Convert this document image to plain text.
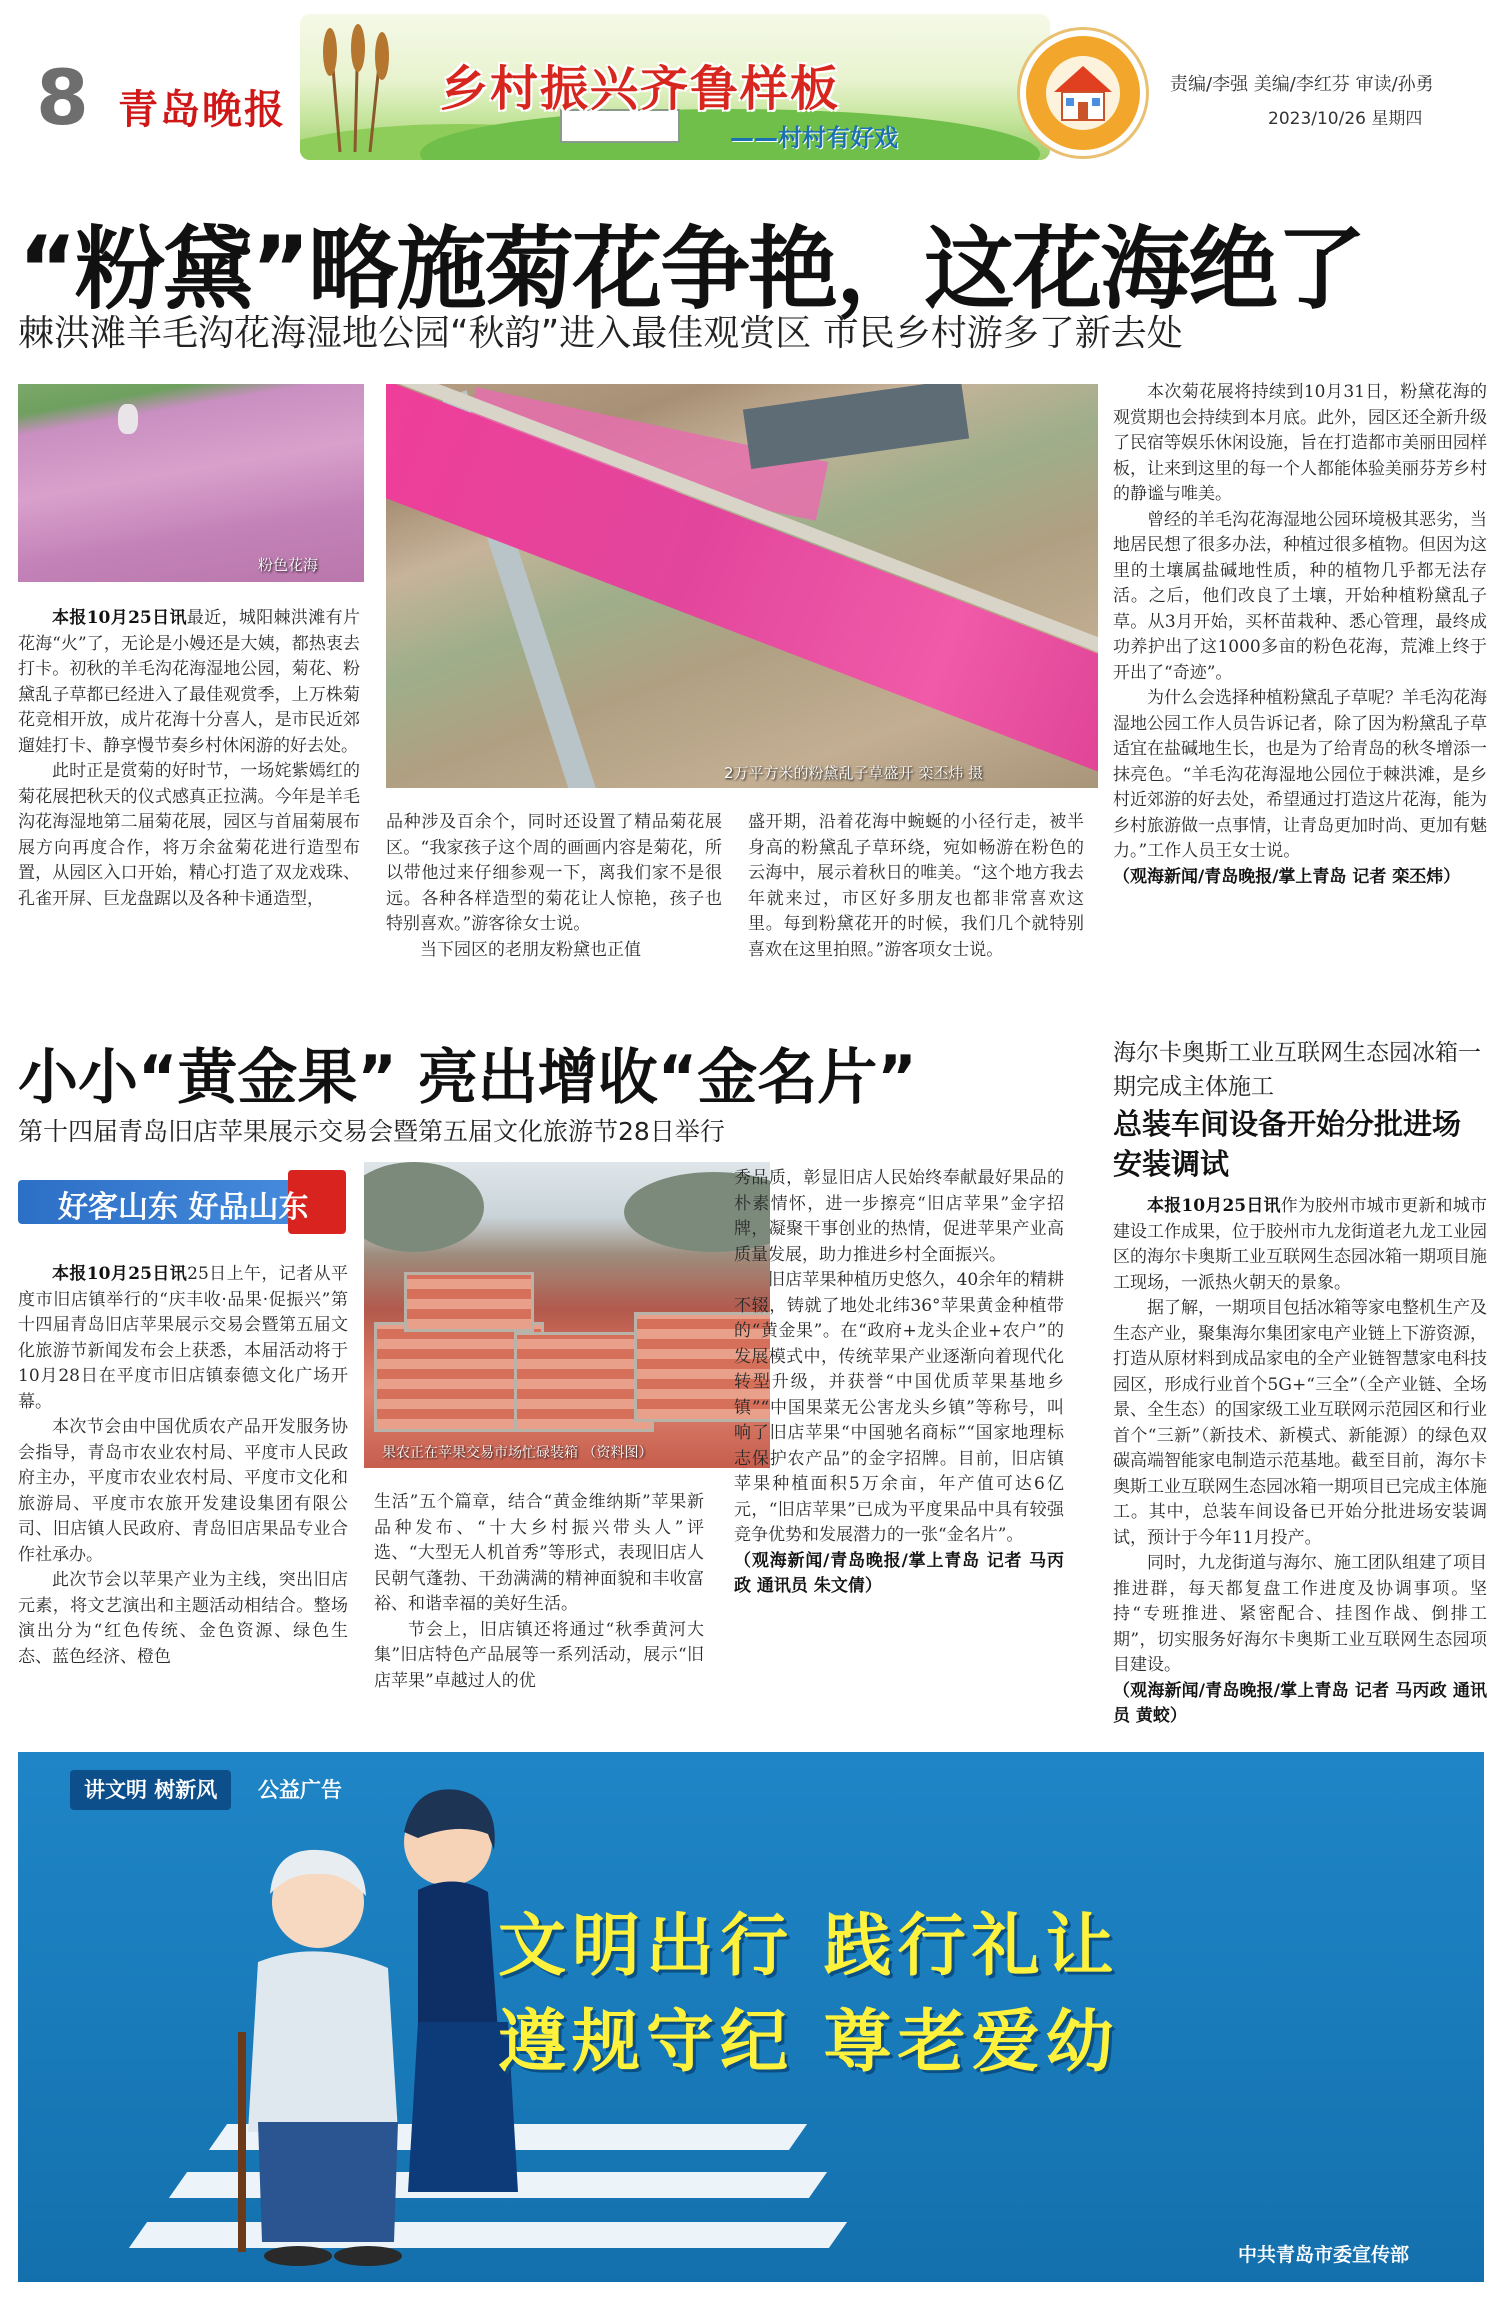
8 青岛晚报	乡村振兴齐鲁样板
——村村有好戏
责编/李强 美编/李红芬 审读/孙勇
2023/10/26 星期四
“粉黛”略施菊花争艳，这花海绝了
棘洪滩羊毛沟花海湿地公园“秋韵”进入最佳观赏区 市民乡村游多了新去处
粉色花海
2万平方米的粉黛乱子草盛开 栾丕炜 摄

本报10月25日讯最近，城阳棘洪滩有片花海“火”了，无论是小嫚还是大姨，都热衷去打卡。初秋的羊毛沟花海湿地公园，菊花、粉黛乱子草都已经进入了最佳观赏季，上万株菊花竞相开放，成片花海十分喜人，是市民近郊遛娃打卡、静享慢节奏乡村休闲游的好去处。

此时正是赏菊的好时节，一场姹紫嫣红的菊花展把秋天的仪式感真正拉满。今年是羊毛沟花海湿地第二届菊花展，园区与首届菊展布展方向再度合作，将万余盆菊花进行造型布置，从园区入口开始，精心打造了双龙戏珠、孔雀开屏、巨龙盘踞以及各种卡通造型，

品种涉及百余个，同时还设置了精品菊花展区。“我家孩子这个周的画画内容是菊花，所以带他过来仔细参观一下，离我们家不是很远。各种各样造型的菊花让人惊艳，孩子也特别喜欢。”游客徐女士说。

当下园区的老朋友粉黛也正值

盛开期，沿着花海中蜿蜒的小径行走，被半身高的粉黛乱子草环绕，宛如畅游在粉色的云海中，展示着秋日的唯美。“这个地方我去年就来过，市区好多朋友也都非常喜欢这里。每到粉黛花开的时候，我们几个就特别喜欢在这里拍照。”游客项女士说。

本次菊花展将持续到10月31日，粉黛花海的观赏期也会持续到本月底。此外，园区还全新升级了民宿等娱乐休闲设施，旨在打造都市美丽田园样板，让来到这里的每一个人都能体验美丽芬芳乡村的静谧与唯美。

曾经的羊毛沟花海湿地公园环境极其恶劣，当地居民想了很多办法，种植过很多植物。但因为这里的土壤属盐碱地性质，种的植物几乎都无法存活。之后，他们改良了土壤，开始种植粉黛乱子草。从3月开始，买杯苗栽种、悉心管理，最终成功养护出了这1000多亩的粉色花海，荒滩上终于开出了“奇迹”。

为什么会选择种植粉黛乱子草呢？羊毛沟花海湿地公园工作人员告诉记者，除了因为粉黛乱子草适宜在盐碱地生长，也是为了给青岛的秋冬增添一抹亮色。“羊毛沟花海湿地公园位于棘洪滩，是乡村近郊游的好去处，希望通过打造这片花海，能为乡村旅游做一点事情，让青岛更加时尚、更加有魅力。”工作人员王女士说。

（观海新闻/青岛晚报/掌上青岛 记者 栾丕炜）

小小“黄金果” 亮出增收“金名片”
第十四届青岛旧店苹果展示交易会暨第五届文化旅游节28日举行
好客山东 好品山东
果农正在苹果交易市场忙碌装箱 （资料图）

本报10月25日讯25日上午，记者从平度市旧店镇举行的“庆丰收·品果·促振兴”第十四届青岛旧店苹果展示交易会暨第五届文化旅游节新闻发布会上获悉，本届活动将于10月28日在平度市旧店镇泰德文化广场开幕。

本次节会由中国优质农产品开发服务协会指导，青岛市农业农村局、平度市人民政府主办，平度市农业农村局、平度市文化和旅游局、平度市农旅开发建设集团有限公司、旧店镇人民政府、青岛旧店果品专业合作社承办。

此次节会以苹果产业为主线，突出旧店元素，将文艺演出和主题活动相结合。整场演出分为“红色传统、金色资源、绿色生态、蓝色经济、橙色

生活”五个篇章，结合“黄金维纳斯”苹果新品种发布、“十大乡村振兴带头人”评选、“大型无人机首秀”等形式，表现旧店人民朝气蓬勃、干劲满满的精神面貌和丰收富裕、和谐幸福的美好生活。

节会上，旧店镇还将通过“秋季黄河大集”旧店特色产品展等一系列活动，展示“旧店苹果”卓越过人的优

秀品质，彰显旧店人民始终奉献最好果品的朴素情怀，进一步擦亮“旧店苹果”金字招牌，凝聚干事创业的热情，促进苹果产业高质量发展，助力推进乡村全面振兴。

旧店苹果种植历史悠久，40余年的精耕不辍，铸就了地处北纬36°苹果黄金种植带的“黄金果”。在“政府+龙头企业+农户”的发展模式中，传统苹果产业逐渐向着现代化转型升级，并获誉“中国优质苹果基地乡镇”“中国果菜无公害龙头乡镇”等称号，叫响了旧店苹果“中国驰名商标”“国家地理标志保护农产品”的金字招牌。目前，旧店镇苹果种植面积5万余亩，年产值可达6亿元，“旧店苹果”已成为平度果品中具有较强竞争优势和发展潜力的一张“金名片”。

（观海新闻/青岛晚报/掌上青岛 记者 马丙政 通讯员 朱文倩）

海尔卡奥斯工业互联网生态园冰箱一期完成主体施工
总装车间设备开始分批进场安装调试

本报10月25日讯作为胶州市城市更新和城市建设工作成果，位于胶州市九龙街道老九龙工业园区的海尔卡奥斯工业互联网生态园冰箱一期项目施工现场，一派热火朝天的景象。

据了解，一期项目包括冰箱等家电整机生产及生态产业，聚集海尔集团家电产业链上下游资源，打造从原材料到成品家电的全产业链智慧家电科技园区，形成行业首个5G+“三全”（全产业链、全场景、全生态）的国家级工业互联网示范园区和行业首个“三新”（新技术、新模式、新能源）的绿色双碳高端智能家电制造示范基地。截至目前，海尔卡奥斯工业互联网生态园冰箱一期项目已完成主体施工。其中，总装车间设备已开始分批进场安装调试，预计于今年11月投产。

同时，九龙街道与海尔、施工团队组建了项目推进群，每天都复盘工作进度及协调事项。坚持“专班推进、紧密配合、挂图作战、倒排工期”，切实服务好海尔卡奥斯工业互联网生态园项目建设。

（观海新闻/青岛晚报/掌上青岛 记者 马丙政 通讯员 黄蛟）

讲文明 树新风	公益广告
文明出行 践行礼让
遵规守纪 尊老爱幼
中共青岛市委宣传部
